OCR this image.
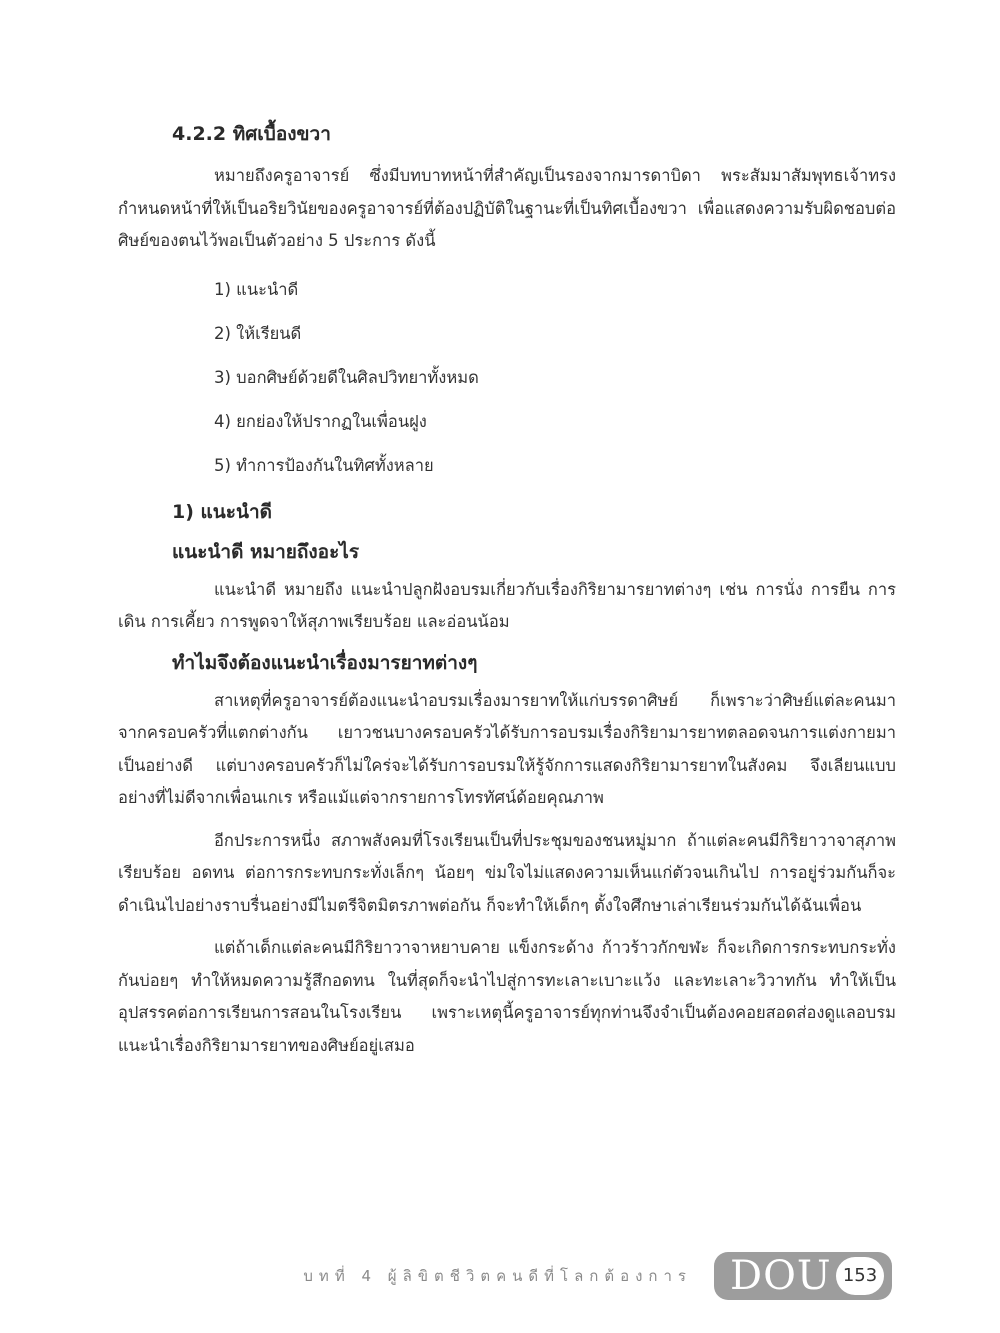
4.2.2 ทิศเบื้องขวา

หมายถึงครูอาจารย์ ซึ่งมีบทบาทหน้าที่สำคัญเป็นรองจากมารดาบิดา พระสัมมาสัมพุทธเจ้าทรงกำหนดหน้าที่ให้เป็นอริยวินัยของครูอาจารย์ที่ต้องปฏิบัติในฐานะที่เป็นทิศเบื้องขวา เพื่อแสดงความรับผิดชอบต่อศิษย์ของตนไว้พอเป็นตัวอย่าง 5 ประการ ดังนี้

1) แนะนำดี
2) ให้เรียนดี
3) บอกศิษย์ด้วยดีในศิลปวิทยาทั้งหมด
4) ยกย่องให้ปรากฏในเพื่อนฝูง
5) ทำการป้องกันในทิศทั้งหลาย
1) แนะนำดี
แนะนำดี หมายถึงอะไร

แนะนำดี หมายถึง แนะนำปลูกฝังอบรมเกี่ยวกับเรื่องกิริยามารยาทต่างๆ เช่น การนั่ง การยืน การเดิน การเคี้ยว การพูดจาให้สุภาพเรียบร้อย และอ่อนน้อม

ทำไมจึงต้องแนะนำเรื่องมารยาทต่างๆ

สาเหตุที่ครูอาจารย์ต้องแนะนำอบรมเรื่องมารยาทให้แก่บรรดาศิษย์ ก็เพราะว่าศิษย์แต่ละคนมาจากครอบครัวที่แตกต่างกัน เยาวชนบางครอบครัวได้รับการอบรมเรื่องกิริยามารยาทตลอดจนการแต่งกายมาเป็นอย่างดี แต่บางครอบครัวก็ไม่ใคร่จะได้รับการอบรมให้รู้จักการแสดงกิริยามารยาทในสังคม จึงเลียนแบบอย่างที่ไม่ดีจากเพื่อนเกเร หรือแม้แต่จากรายการโทรทัศน์ด้อยคุณภาพ

อีกประการหนึ่ง สภาพสังคมที่โรงเรียนเป็นที่ประชุมของชนหมู่มาก ถ้าแต่ละคนมีกิริยาวาจาสุภาพเรียบร้อย อดทน ต่อการกระทบกระทั่งเล็กๆ น้อยๆ ข่มใจไม่แสดงความเห็นแก่ตัวจนเกินไป การอยู่ร่วมกันก็จะดำเนินไปอย่างราบรื่นอย่างมีไมตรีจิตมิตรภาพต่อกัน ก็จะทำให้เด็กๆ ตั้งใจศึกษาเล่าเรียนร่วมกันได้ฉันเพื่อน

แต่ถ้าเด็กแต่ละคนมีกิริยาวาจาหยาบคาย แข็งกระด้าง ก้าวร้าวกักขฬะ ก็จะเกิดการกระทบกระทั่งกันบ่อยๆ ทำให้หมดความรู้สึกอดทน ในที่สุดก็จะนำไปสู่การทะเลาะเบาะแว้ง และทะเลาะวิวาทกัน ทำให้เป็นอุปสรรคต่อการเรียนการสอนในโรงเรียน เพราะเหตุนี้ครูอาจารย์ทุกท่านจึงจำเป็นต้องคอยสอดส่องดูแลอบรมแนะนำเรื่องกิริยามารยาทของศิษย์อยู่เสมอ

บทที่ 4 ผู้ลิขิตชีวิตคนดีที่โลกต้องการ DOU 153
